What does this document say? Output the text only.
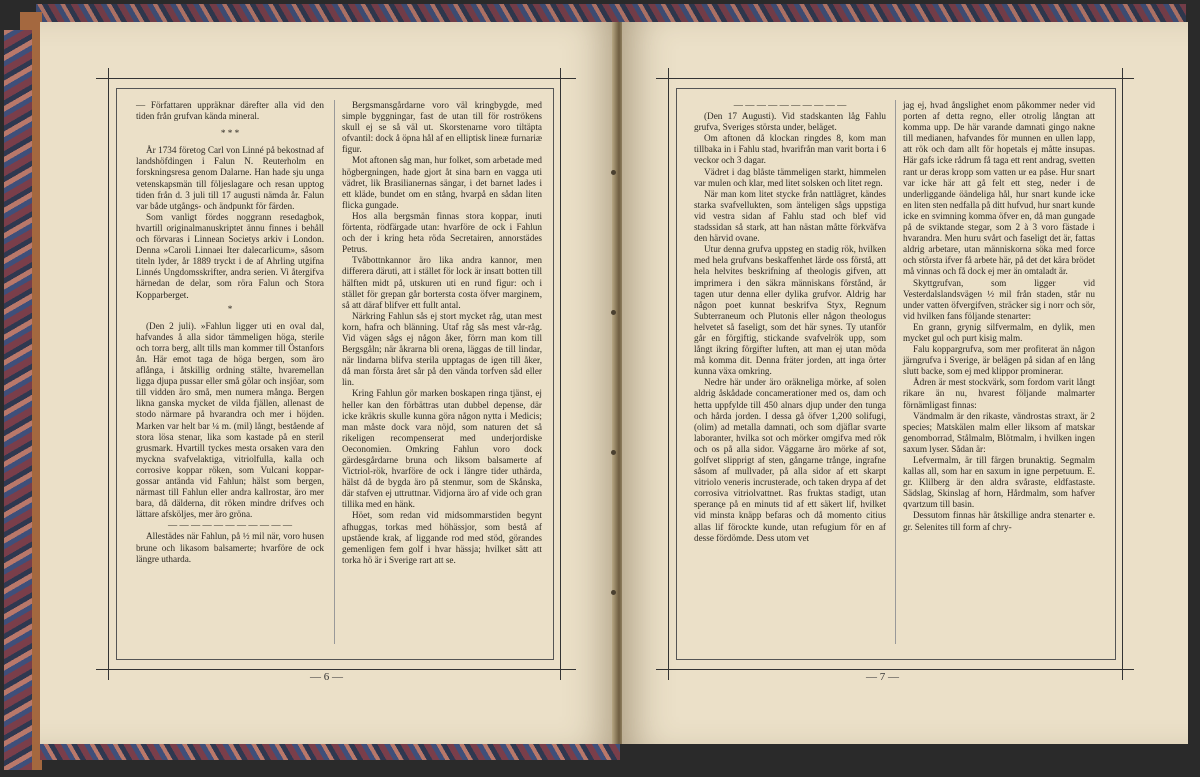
— Författaren uppräknar därefter alla vid den tiden från grufvan kända mineral.

* * *

År 1734 företog Carl von Linné på bekostnad af landshöfdingen i Falun N. Reuterholm en forskningsresa genom Dalarne. Han hade sju unga vetenskapsmän till följeslagare och resan upptog tiden från d. 3 juli till 17 augusti nämda år. Falun var både utgångs- och ändpunkt för färden.

Som vanligt fördes noggrann resedagbok, hvartill originalmanuskriptet ännu finnes i behåll och förvaras i Linnean Societys arkiv i London. Denna »Caroli Linnaei Iter dalecarlicum», såsom titeln lyder, år 1889 tryckt i de af Ahrling utgifna Linnés Ungdomsskrifter, andra serien. Vi återgifva härnedan de delar, som röra Falun och Stora Kopparberget.

*

(Den 2 juli). »Fahlun ligger uti en oval dal, hafvandes å alla sidor tämmeligen höga, sterile och torra berg, allt tills man kommer till Östanfors ån. Här emot taga de höga bergen, som äro aflånga, i åtskillig ordning stälte, hvaremellan ligga djupa pussar eller små gölar och insjöar, som till vidden äro små, men numera många. Bergen likna ganska mycket de vilda fjällen, allenast de stodo närmare på hvarandra och mer i höjden. Marken var helt bar ¼ m. (mil) långt, bestående af stora lösa stenar, lika som kastade på en steril grusmark. Hvartill tyckes mesta orsaken vara den myckna svafvelaktiga, vitriolfulla, kalla och corrosive koppar röken, som Vulcani koppar-gossar antända vid Fahlun; hälst som bergen, närmast till Fahlun eller andra kallrostar, äro mer bara, då dälderna, dit röken mindre drifves och lättare afsköljes, mer äro gröna.

— — — — — — — — — — —

Allestädes när Fahlun, på ½ mil när, voro husen brune och likasom balsamerte; hvarföre de ock längre utharda.

Bergsmansgårdarne voro väl kringbygde, med simple byggningar, fast de utan till för roströkens skull ej se så väl ut. Skorstenarne voro tiltäpta ofvantil: dock å öpna hål af en elliptisk lineæ furnariæ figur.

Mot aftonen såg man, hur folket, som arbetade med högbergningen, hade gjort åt sina barn en vagga uti vädret, lik Brasilianernas sängar, i det barnet lades i ett kläde, bundet om en stång, hvarpå en sådan liten flicka gungade.

Hos alla bergsmän finnas stora koppar, inuti förtenta, rödfärgade utan: hvarföre de ock i Fahlun och der i kring heta röda Secretairen, annorstädes Petrus.

Tvåbottnkannor äro lika andra kannor, men differera däruti, att i stället för lock är insatt botten till hälften midt på, utskuren uti en rund figur: och i stället för grepan går bortersta costa öfver marginem, så att däraf blifver ett fullt antal.

Närkring Fahlun sås ej stort mycket råg, utan mest korn, hafra och blänning. Utaf råg sås mest vår-råg. Vid vägen sågs ej någon åker, förrn man kom till Bergsgåln; när åkrarna bli orena, läggas de till lindar, när lindarna blifva sterila upptagas de igen till åker, då man första året sår på den vända torfven såd eller lin.

Kring Fahlun gör marken boskapen ringa tjänst, ej heller kan den förbättras utan dubbel depense, där icke kräkris skulle kunna göra någon nytta i Medicis; man måste dock vara nöjd, som naturen det så rikeligen recompenserat med underjordiske Oeconomien. Omkring Fahlun voro dock gärdesgårdarne bruna och liksom balsamerte af Victriol-rök, hvarföre de ock i längre tider uthärda, hälst då de bygda äro på stenmur, som de Skånska, där stafven ej uttruttnar. Vidjorna äro af vide och gran tillika med en hänk.

Höet, som redan vid midsommarstiden begynt afhuggas, torkas med höhässjor, som bestå af upstående krak, af liggande rod med stöd, görandes gemenligen fem golf i hvar hässja; hvilket sätt att torka hö är i Sverige rart att se.

— 6 —

— — — — — — — — — —

(Den 17 Augusti). Vid stadskanten låg Fahlu grufva, Sveriges största under, beläget.

Om aftonen då klockan ringdes 8, kom man tillbaka in i Fahlu stad, hvarifrån man varit borta i 6 veckor och 3 dagar.

Vädret i dag blåste tämmeligen starkt, himmelen var mulen och klar, med litet solsken och litet regn.

När man kom litet stycke från nattlägret, kändes starka svafvellukten, som änteligen sågs uppstiga vid vestra sidan af Fahlu stad och blef vid stadssidan så stark, att han nästan måtte förkväfva den härvid ovane.

Utur denna grufva uppsteg en stadig rök, hvilken med hela grufvans beskaffenhet lärde oss förstå, att hela helvites beskrifning af theologis gifven, att imprimera i den säkra människans förstånd, är tagen utur denna eller dylika grufvor. Aldrig har någon poet kunnat beskrifva Styx, Regnum Subterraneum och Plutonis eller någon theologus helvetet så faseligt, som det här synes. Ty utanför går en förgiftig, stickande svafvelrök upp, som långt ikring förgifter luften, att man ej utan möda må komma dit. Denna fräter jorden, att inga örter kunna växa omkring.

Nedre här under äro oräkneliga mörke, af solen aldrig åskådade concamerationer med os, dam och hetta uppfylde till 450 alnars djup under den tunga och hårda jorden. I dessa gå öfver 1,200 solifugi, (olim) ad metalla damnati, och som djäflar svarte laboranter, hvilka sot och mörker omgifva med rök och os på alla sidor. Väggarne äro mörke af sot, golfvet slipprigt af sten, gångarne trånge, ingrafne såsom af mullvader, på alla sidor af ett skarpt vitriolo veneris incrusterade, och taken drypa af det corrosiva vitriolvattnet. Ras fruktas stadigt, utan speranςe på en minuts tid af ett säkert lif, hvilket vid minsta knäpp befaras och då momento citius allas lif förockte kunde, utan refugium för en af desse fördömde. Dess utom vet

jag ej, hvad ångslighet enom påkommer neder vid porten af detta regno, eller otrolig långtan att komma upp. De här varande damnati gingo nakne till medianen, hafvandes för munnen en ullen lapp, att rök och dam allt för hopetals ej måtte insupas. Här gafs icke rådrum få taga ett rent andrag, svetten rant ur deras kropp som vatten ur ea påse. Hur snart var icke här att gå felt ett steg, neder i de underliggande öändeliga hål, hur snart kunde icke en liten sten nedfalla på ditt hufvud, hur snart kunde icke en svimning komma öfver en, då man gungade på de sviktande stegar, som 2 à 3 voro fästade i hvarandra. Men huru svårt och faseligt det är, fattas aldrig arbetare, utan människorna söka med force och största ifver få arbete här, på det det kära brödet må vinnas och få dock ej mer än omtaladt är.

Skyttgrufvan, som ligger vid Vesterdalslandsvägen ½ mil från staden, står nu under vatten öfvergifven, sträcker sig i norr och sör, vid hvilken fans följande stenarter:

En grann, grynig silfvermalm, en dylik, men mycket gul och purt kisig malm.

Falu koppargrufva, som mer profiterat än någon järngrufva i Sverige, är belägen på sidan af en lång slutt backe, som ej med klippor prominerar.

Ådren är mest stockvärk, som fordom varit långt rikare än nu, hvarest följande malmarter förnämligast finnas:

Vändmalm är den rikaste, vändrostas straxt, är 2 species; Matskälen malm eller liksom af matskar genomborrad, Stålmalm, Blötmalm, i hvilken ingen saxum lyser. Sådan är:

Lefvermalm, är till färgen brunaktig. Segmalm kallas all, som har en saxum in igne perpetuum. E. gr. Klilberg är den aldra svåraste, eldfastaste. Sädslag, Skinslag af horn, Hårdmalm, som hafver qvartzum till basin.

Dessutom finnas här åtskillige andra stenarter e. gr. Selenites till form af chry-

— 7 —
